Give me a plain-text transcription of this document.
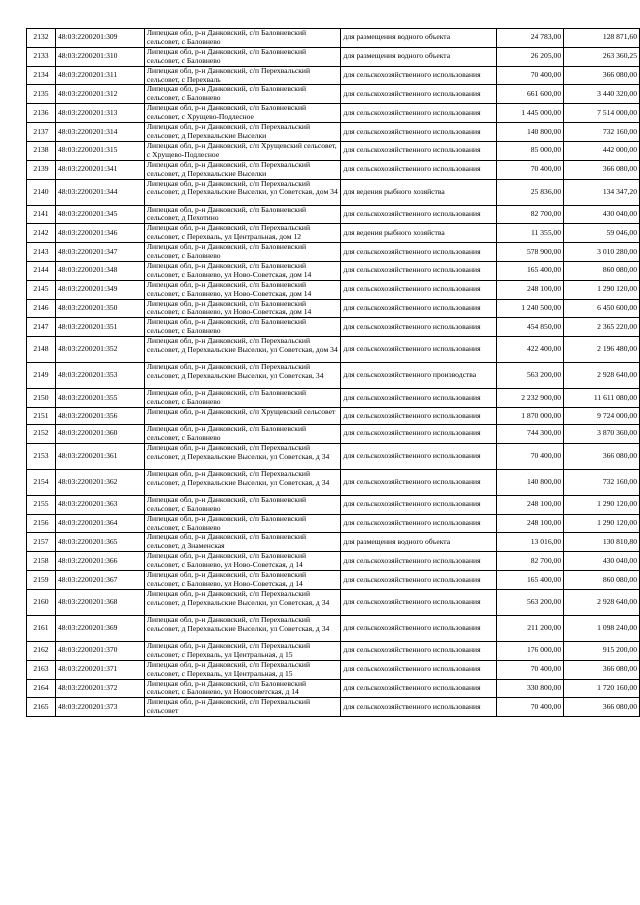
2132	48:03:2200201:309	Липецкая обл, р-н Данковский, с/п Баловневский сельсовет, с Баловнево	для размещения водного объекта	24 783,00	128 871,60
2133	48:03:2200201:310	Липецкая обл, р-н Данковский, с/п Баловневский сельсовет, с Баловнево	для размещения водного объекта	26 205,00	263 360,25
2134	48:03:2200201:311	Липецкая обл, р-н Данковский, с/п Перехвальский сельсовет, с Перехваль	для сельскохозяйственного использования	70 400,00	366 080,00
2135	48:03:2200201:312	Липецкая обл, р-н Данковский, с/п Баловневский сельсовет, с Баловнево	для сельскохозяйственного использования	661 600,00	3 440 320,00
2136	48:03:2200201:313	Липецкая обл, р-н Данковский, с/п Баловневский сельсовет, с Хрущево-Подлесное	для сельскохозяйственного использования	1 445 000,00	7 514 000,00
2137	48:03:2200201:314	Липецкая обл, р-н Данковский, с/п Перехвальский сельсовет, д Перехвальские Выселки	для сельскохозяйственного использования	140 800,00	732 160,00
2138	48:03:2200201:315	Липецкая обл, р-н Данковский, с/п Хрущевский сельсовет, с Хрущево-Подлесное	для сельскохозяйственного использования	85 000,00	442 000,00
2139	48:03:2200201:341	Липецкая обл, р-н Данковский, с/п Перехвальский сельсовет, д Перехвальские Выселки	для сельскохозяйственного использования	70 400,00	366 080,00
2140	48:03:2200201:344	Липецкая обл, р-н Данковский, с/п Перехвальский сельсовет, д Перехвальские Выселки, ул Советская, дом 34	для ведения рыбного хозяйства	25 836,00	134 347,20
2141	48:03:2200201:345	Липецкая обл, р-н Данковский, с/п Баловневский сельсовет, д Пехотино	для сельскохозяйственного использования	82 700,00	430 040,00
2142	48:03:2200201:346	Липецкая обл, р-н Данковский, с/п Перехвальский сельсовет, с Перехваль, ул Центральная, дом 12	для ведения рыбного хозяйства	11 355,00	59 046,00
2143	48:03:2200201:347	Липецкая обл, р-н Данковский, с/п Баловневский сельсовет, с Баловнево	для сельскохозяйственного использования	578 900,00	3 010 280,00
2144	48:03:2200201:348	Липецкая обл, р-н Данковский, с/п Баловневский сельсовет, с Баловнево, ул Ново-Советская, дом 14	для сельскохозяйственного использования	165 400,00	860 080,00
2145	48:03:2200201:349	Липецкая обл, р-н Данковский, с/п Баловневский сельсовет, с Баловнево, ул Ново-Советская, дом 14	для сельскохозяйственного использования	248 100,00	1 290 120,00
2146	48:03:2200201:350	Липецкая обл, р-н Данковский, с/п Баловневский сельсовет, с Баловнево, ул Ново-Советская, дом 14	для сельскохозяйственного использования	1 240 500,00	6 450 600,00
2147	48:03:2200201:351	Липецкая обл, р-н Данковский, с/п Баловневский сельсовет, с Баловнево	для сельскохозяйственного использования	454 850,00	2 365 220,00
2148	48:03:2200201:352	Липецкая обл, р-н Данковский, с/п Перехвальский сельсовет, д Перехвальские Выселки, ул Советская, дом 34	для сельскохозяйственного использования	422 400,00	2 196 480,00
2149	48:03:2200201:353	Липецкая обл, р-н Данковский, с/п Перехвальский сельсовет, д Перехвальские Выселки, ул Советская, 34	для сельскохозяйственного производства	563 200,00	2 928 640,00
2150	48:03:2200201:355	Липецкая обл, р-н Данковский, с/п Баловневский сельсовет, с Баловнево	для сельскохозяйственного использования	2 232 900,00	11 611 080,00
2151	48:03:2200201:356	Липецкая обл, р-н Данковский, с/п Хрущевский сельсовет	для сельскохозяйственного использования	1 870 000,00	9 724 000,00
2152	48:03:2200201:360	Липецкая обл, р-н Данковский, с/п Баловневский сельсовет, с Баловнево	для сельскохозяйственного использования	744 300,00	3 870 360,00
2153	48:03:2200201:361	Липецкая обл, р-н Данковский, с/п Перехвальский сельсовет, д Перехвальские Выселки, ул Советская, д 34	для сельскохозяйственного использования	70 400,00	366 080,00
2154	48:03:2200201:362	Липецкая обл, р-н Данковский, с/п Перехвальский сельсовет, д Перехвальские Выселки, ул Советская, д 34	для сельскохозяйственного использования	140 800,00	732 160,00
2155	48:03:2200201:363	Липецкая обл, р-н Данковский, с/п Баловневский сельсовет, с Баловнево	для сельскохозяйственного использования	248 100,00	1 290 120,00
2156	48:03:2200201:364	Липецкая обл, р-н Данковский, с/п Баловневский сельсовет, с Баловнево	для сельскохозяйственного использования	248 100,00	1 290 120,00
2157	48:03:2200201:365	Липецкая обл, р-н Данковский, с/п Баловневский сельсовет, д Знаменская	для размещения водного объекта	13 016,00	130 810,80
2158	48:03:2200201:366	Липецкая обл, р-н Данковский, с/п Баловневский сельсовет, с Баловнево, ул Ново-Советская, д 14	для сельскохозяйственного использования	82 700,00	430 040,00
2159	48:03:2200201:367	Липецкая обл, р-н Данковский, с/п Баловневский сельсовет, с Баловнево, ул Ново-Советская, д 14	для сельскохозяйственного использования	165 400,00	860 080,00
2160	48:03:2200201:368	Липецкая обл, р-н Данковский, с/п Перехвальский сельсовет, д Перехвальские Выселки, ул Советская, д 34	для сельскохозяйственного использования	563 200,00	2 928 640,00
2161	48:03:2200201:369	Липецкая обл, р-н Данковский, с/п Перехвальский сельсовет, д Перехвальские Выселки, ул Советская, д 34	для сельскохозяйственного использования	211 200,00	1 098 240,00
2162	48:03:2200201:370	Липецкая обл, р-н Данковский, с/п Перехвальский сельсовет, с Перехваль, ул Центральная, д 15	для сельскохозяйственного использования	176 000,00	915 200,00
2163	48:03:2200201:371	Липецкая обл, р-н Данковский, с/п Перехвальский сельсовет, с Перехваль, ул Центральная, д 15	для сельскохозяйственного использования	70 400,00	366 080,00
2164	48:03:2200201:372	Липецкая обл, р-н Данковский, с/п Баловневский сельсовет, с Баловнево, ул Новосоветская, д 14	для сельскохозяйственного использования	330 800,00	1 720 160,00
2165	48:03:2200201:373	Липецкая обл, р-н Данковский, с/п Перехвальский сельсовет	для сельскохозяйственного использования	70 400,00	366 080,00
